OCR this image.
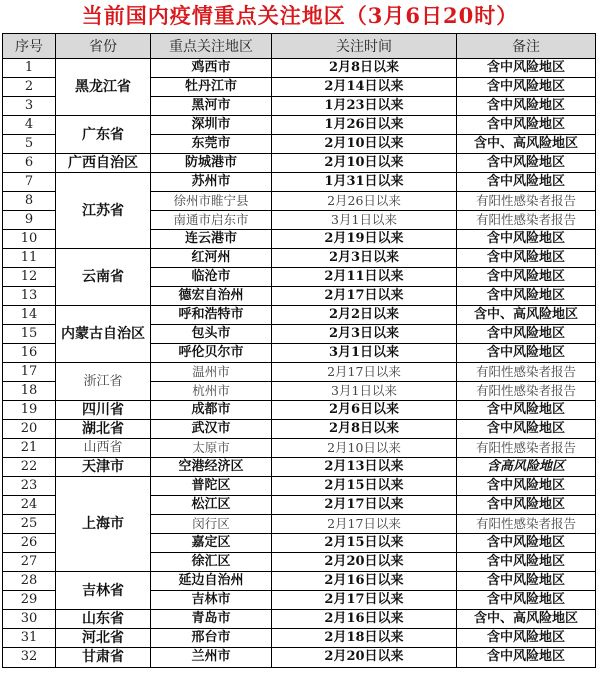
当前国内疫情重点关注地区（3月6日20时）
序号	省份	重点关注地区	关注时间	备注
1	黑龙江省	鸡西市	2月8日以来	含中风险地区
2		牡丹江市	2月14日以来	含中风险地区
3		黑河市	1月23日以来	含中风险地区
4	广东省	深圳市	1月26日以来	含中风险地区
5		东莞市	2月10日以来	含中、高风险地区
6	广西自治区	防城港市	2月10日以来	含中风险地区
7	江苏省	苏州市	1月31日以来	含中风险地区
8		徐州市睢宁县	2月26日以来	有阳性感染者报告
9		南通市启东市	3月1日以来	有阳性感染者报告
10		连云港市	2月19日以来	含中风险地区
11	云南省	红河州	2月3日以来	含中风险地区
12		临沧市	2月11日以来	含中风险地区
13		德宏自治州	2月17日以来	含中风险地区
14	内蒙古自治区	呼和浩特市	2月2日以来	含中、高风险地区
15		包头市	2月3日以来	含中风险地区
16		呼伦贝尔市	3月1日以来	含中风险地区
17	浙江省	温州市	2月17日以来	有阳性感染者报告
18		杭州市	3月1日以来	有阳性感染者报告
19	四川省	成都市	2月6日以来	含中风险地区
20	湖北省	武汉市	2月8日以来	含中风险地区
21	山西省	太原市	2月10日以来	有阳性感染者报告
22	天津市	空港经济区	2月13日以来	含高风险地区
23	上海市	普陀区	2月15日以来	含中风险地区
24		松江区	2月17日以来	含中风险地区
25		闵行区	2月17日以来	有阳性感染者报告
26		嘉定区	2月15日以来	含中风险地区
27		徐汇区	2月20日以来	含中风险地区
28	吉林省	延边自治州	2月16日以来	含中风险地区
29		吉林市	2月17日以来	含中风险地区
30	山东省	青岛市	2月16日以来	含中、高风险地区
31	河北省	邢台市	2月18日以来	含中风险地区
32	甘肃省	兰州市	2月20日以来	含中风险地区
